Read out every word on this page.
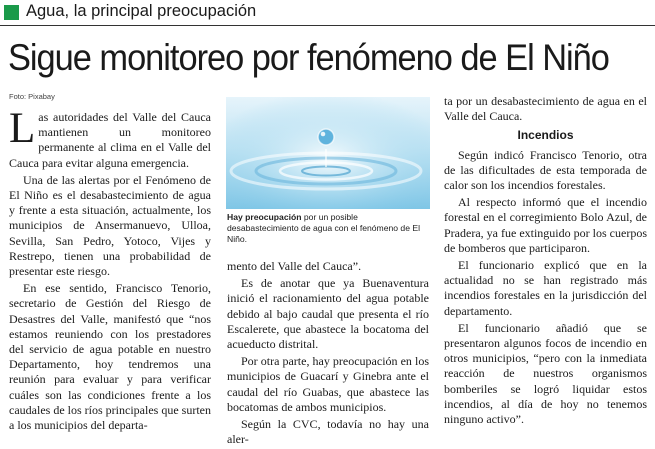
Agua, la principal preocupación
Sigue monitoreo por fenómeno de El Niño
Foto: Pixabay

Las autoridades del Valle del Cauca mantienen un monitoreo permanente al clima en el Valle del Cauca para evitar alguna emergencia.

Una de las alertas por el Fenómeno de El Niño es el desabastecimiento de agua y frente a esta situación, actualmente, los municipios de Ansermanuevo, Ulloa, Sevilla, San Pedro, Yotoco, Vijes y Restrepo, tienen una probabilidad de presentar este riesgo.

En ese sentido, Francisco Tenorio, secretario de Gestión del Riesgo de Desastres del Valle, manifestó que “nos estamos reuniendo con los prestadores del servicio de agua potable en nuestro Departamento, hoy tendremos una reunión para evaluar y para verificar cuáles son las condiciones frente a los caudales de los ríos principales que surten a los municipios del departa-

Hay preocupación por un posible desabastecimiento de agua con el fenómeno de El Niño.

mento del Valle del Cauca”.

Es de anotar que ya Buenaventura inició el racionamiento del agua potable debido al bajo caudal que presenta el río Escalerete, que abastece la bocatoma del acueducto distrital.

Por otra parte, hay preocupación en los municipios de Guacarí y Ginebra ante el caudal del río Guabas, que abastece las bocatomas de ambos municipios.

Según la CVC, todavía no hay una aler-

ta por un desabastecimiento de agua en el Valle del Cauca.

Incendios

Según indicó Francisco Tenorio, otra de las dificultades de esta temporada de calor son los incendios forestales.

Al respecto informó que el incendio forestal en el corregimiento Bolo Azul, de Pradera, ya fue extinguido por los cuerpos de bomberos que participaron.

El funcionario explicó que en la actualidad no se han registrado más incendios forestales en la jurisdicción del departamento.

El funcionario añadió que se presentaron algunos focos de incendio en otros municipios, “pero con la inmediata reacción de nuestros organismos bomberiles se logró liquidar estos incendios, al día de hoy no tenemos ninguno activo”.
